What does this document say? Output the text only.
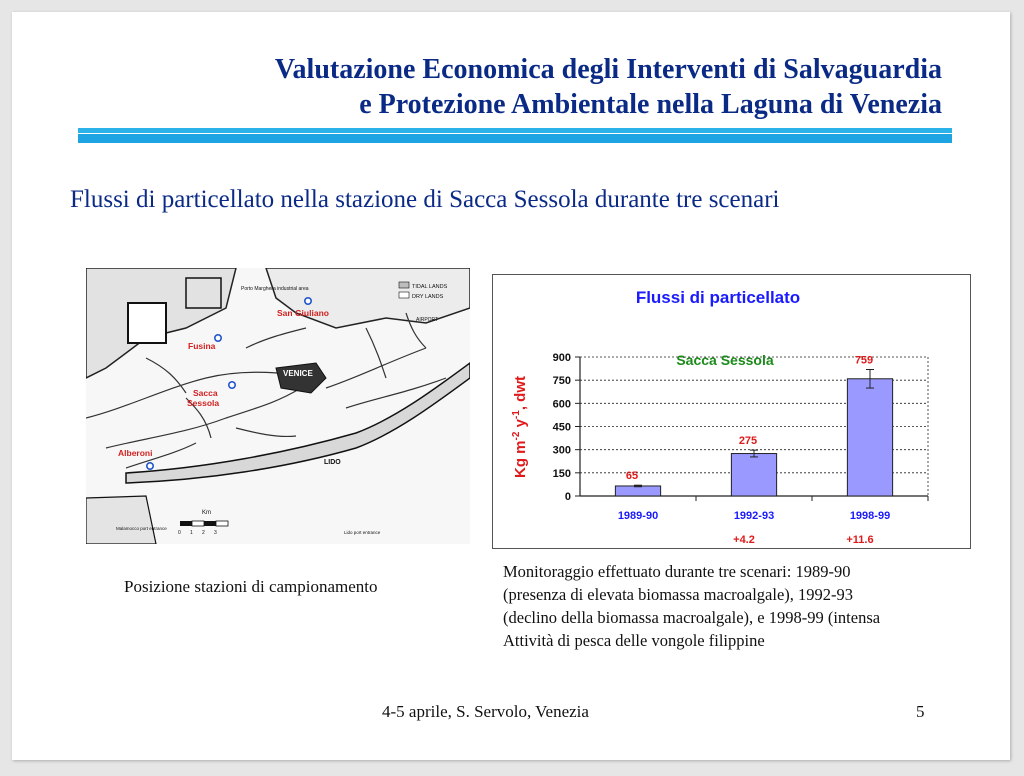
Valutazione Economica degli Interventi di Salvaguardia
e Protezione Ambientale nella Laguna di Venezia
Flussi di particellato nella stazione di Sacca Sessola durante tre scenari
TIDAL LANDS
DRY LANDS
Porto Marghera industrial area
AIRPORT
VENICE
LIDO
San Giuliano
Fusina
Sacca
Sessola
Alberoni
Km
0 1 2 3
Malamocco port entrance
Lido port entrance
Posizione stazioni di campionamento
Flussi di particellato
Kg $m^{-2}$ $y^{-1}$, dwt
0
150
300
450
600
750
900
65
1989-90
275
1992-93
+4.2
759
1998-99
+11.6
Sacca Sessola
Monitoraggio effettuato durante tre scenari: 1989-90
(presenza di elevata biomassa macroalgale), 1992-93
(declino della biomassa macroalgale), e 1998-99 (intensa
Attività di pesca delle vongole filippine
4-5 aprile, S. Servolo, Venezia	5
